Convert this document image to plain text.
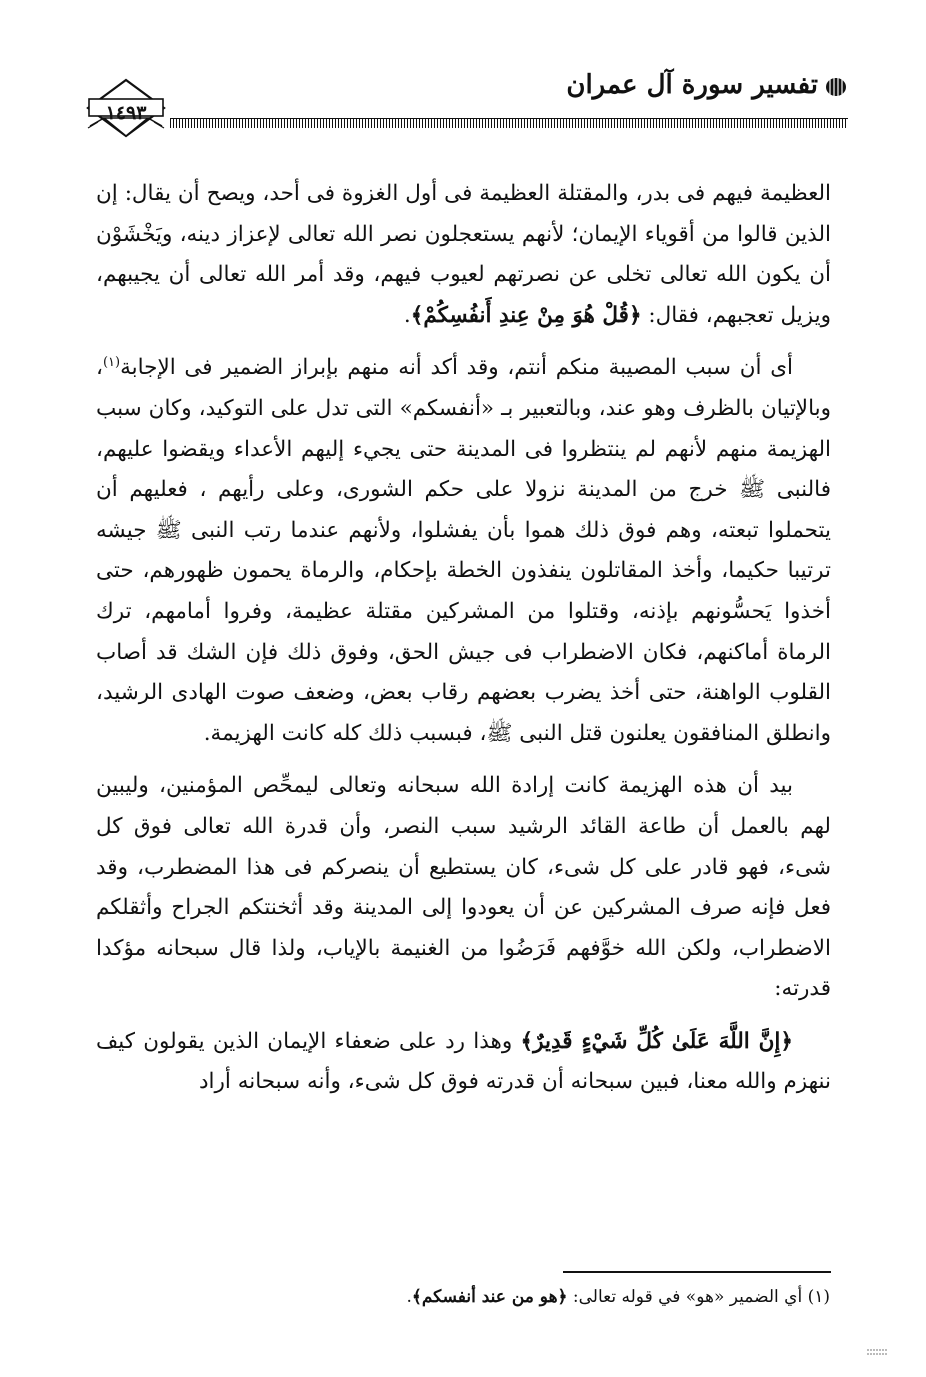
١٤٩٣
تفسير سورة آل عمران

العظيمة فيهم فى بدر، والمقتلة العظيمة فى أول الغزوة فى أحد، ويصح أن يقال: إن الذين قالوا من أقوياء الإيمان؛ لأنهم يستعجلون نصر الله تعالى لإعزاز دينه، ويَخْشَوْن أن يكون الله تعالى تخلى عن نصرتهم لعيوب فيهم، وقد أمر الله تعالى أن يجيبهم، ويزيل تعجبهم، فقال: ﴿قُلْ هُوَ مِنْ عِندِ أَنفُسِكُمْ﴾.

أى أن سبب المصيبة منكم أنتم، وقد أكد أنه منهم بإبراز الضمير فى الإجابة$^{(١)}$، وبالإتيان بالظرف وهو عند، وبالتعبير بـ «أنفسكم» التى تدل على التوكيد، وكان سبب الهزيمة منهم لأنهم لم ينتظروا فى المدينة حتى يجيء إليهم الأعداء ويقضوا عليهم، فالنبى ﷺ خرج من المدينة نزولا على حكم الشورى، وعلى رأيهم ، فعليهم أن يتحملوا تبعته، وهم فوق ذلك هموا بأن يفشلوا، ولأنهم عندما رتب النبى ﷺ جيشه ترتيبا حكيما، وأخذ المقاتلون ينفذون الخطة بإحكام، والرماة يحمون ظهورهم، حتى أخذوا يَحسُّونهم بإذنه، وقتلوا من المشركين مقتلة عظيمة، وفروا أمامهم، ترك الرماة أماكنهم، فكان الاضطراب فى جيش الحق، وفوق ذلك فإن الشك قد أصاب القلوب الواهنة، حتى أخذ يضرب بعضهم رقاب بعض، وضعف صوت الهادى الرشيد، وانطلق المنافقون يعلنون قتل النبى ﷺ، فبسبب ذلك كله كانت الهزيمة.

بيد أن هذه الهزيمة كانت إرادة الله سبحانه وتعالى ليمحِّص المؤمنين، وليبين لهم بالعمل أن طاعة القائد الرشيد سبب النصر، وأن قدرة الله تعالى فوق كل شىء، فهو قادر على كل شىء، كان يستطيع أن ينصركم فى هذا المضطرب، وقد فعل فإنه صرف المشركين عن أن يعودوا إلى المدينة وقد أثخنتكم الجراح وأثقلكم الاضطراب، ولكن الله خوَّفهم فَرَضُوا من الغنيمة بالإياب، ولذا قال سبحانه مؤكدا قدرته:

﴿إِنَّ اللَّهَ عَلَىٰ كُلِّ شَيْءٍ قَدِيرٌ﴾ وهذا رد على ضعفاء الإيمان الذين يقولون كيف ننهزم والله معنا، فبين سبحانه أن قدرته فوق كل شىء، وأنه سبحانه أراد

(١) أي الضمير «هو» في قوله تعالى: ﴿هو من عند أنفسكم﴾.
